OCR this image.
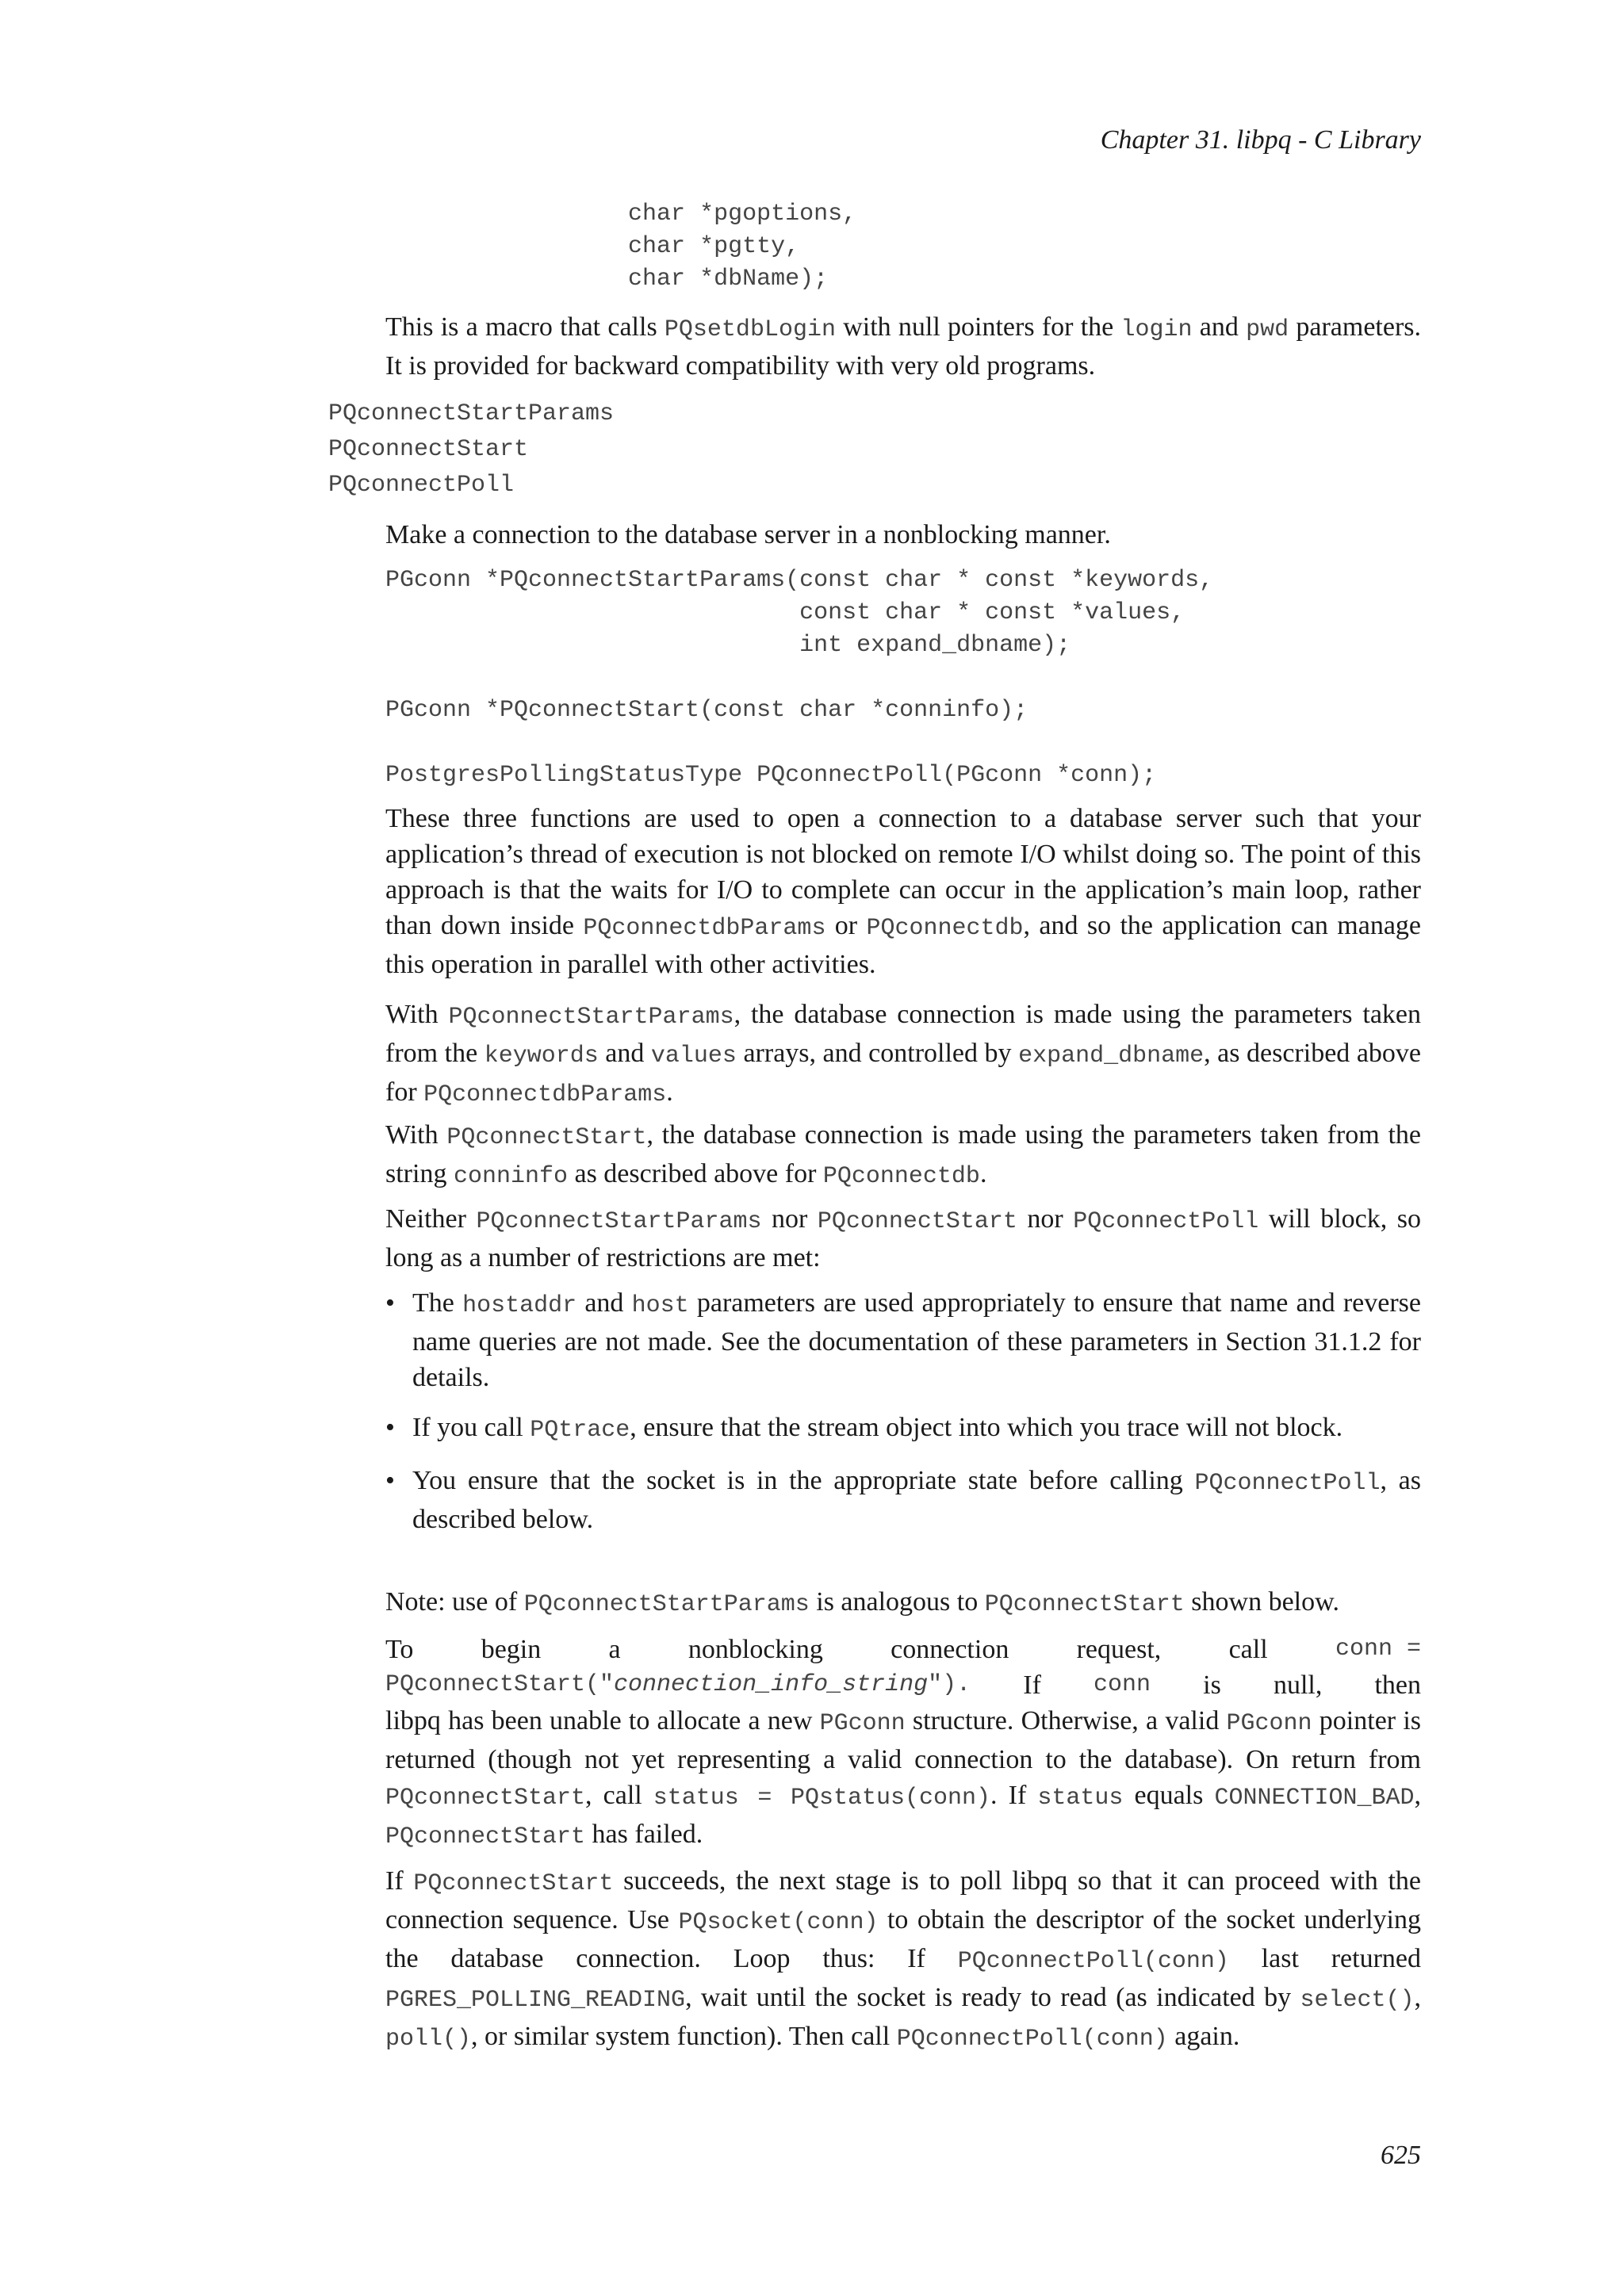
Chapter 31. libpq - C Library
char *pgoptions,
char *pgtty,
char *dbName);

This is a macro that calls PQsetdbLogin with null pointers for the login and pwd parameters. It is provided for backward compatibility with very old programs.

PQconnectStartParams
PQconnectStart
PQconnectPoll

Make a connection to the database server in a nonblocking manner.

PGconn *PQconnectStartParams(const char * const *keywords,
const char * const *values,
int expand_dbname);

PGconn *PQconnectStart(const char *conninfo);

PostgresPollingStatusType PQconnectPoll(PGconn *conn);

These three functions are used to open a connection to a database server such that your application’s thread of execution is not blocked on remote I/O whilst doing so. The point of this approach is that the waits for I/O to complete can occur in the application’s main loop, rather than down inside PQconnectdbParams or PQconnectdb, and so the application can manage this operation in parallel with other activities.

With PQconnectStartParams, the database connection is made using the parameters taken from the keywords and values arrays, and controlled by expand_dbname, as described above for PQconnectdbParams.

With PQconnectStart, the database connection is made using the parameters taken from the string conninfo as described above for PQconnectdb.

Neither PQconnectStartParams nor PQconnectStart nor PQconnectPoll will block, so long as a number of restrictions are met:

• The hostaddr and host parameters are used appropriately to ensure that name and reverse name queries are not made. See the documentation of these parameters in Section 31.1.2 for details.
• If you call PQtrace, ensure that the stream object into which you trace will not block.
• You ensure that the socket is in the appropriate state before calling PQconnectPoll, as described below.

Note: use of PQconnectStartParams is analogous to PQconnectStart shown below.

To	begin	a	nonblocking	connection	request,	call	conn =
PQconnectStart("connection_info_string"). If conn is null, then

libpq has been unable to allocate a new PGconn structure. Otherwise, a valid PGconn pointer is returned (though not yet representing a valid connection to the database). On return from PQconnectStart, call status = PQstatus(conn). If status equals CONNECTION_BAD, PQconnectStart has failed.

If PQconnectStart succeeds, the next stage is to poll libpq so that it can proceed with the connection sequence. Use PQsocket(conn) to obtain the descriptor of the socket underlying the database connection. Loop thus: If PQconnectPoll(conn) last returned PGRES_POLLING_READING, wait until the socket is ready to read (as indicated by select(), poll(), or similar system function). Then call PQconnectPoll(conn) again.

625
